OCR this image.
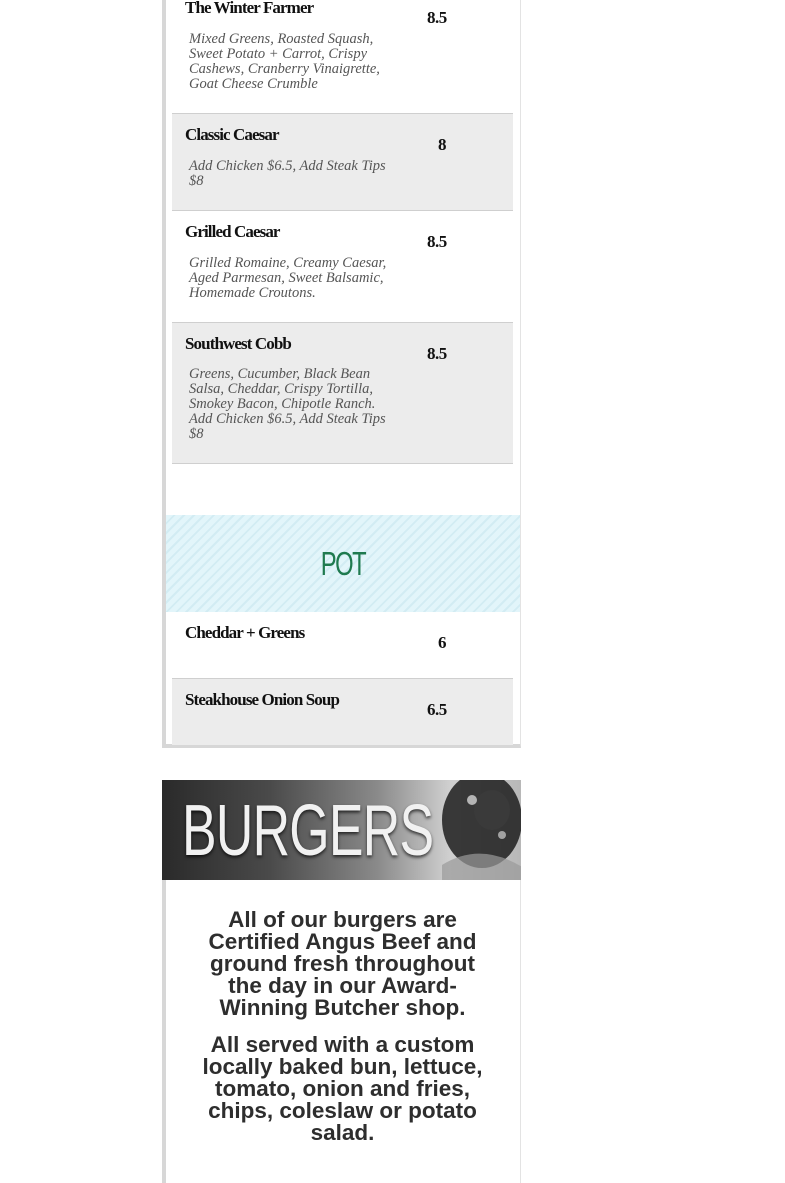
The Winter Farmer
Mixed Greens, Roasted Squash, Sweet Potato + Carrot, Crispy Cashews, Cranberry Vinaigrette, Goat Cheese Crumble
8.5
Classic Caesar
Add Chicken $6.5, Add Steak Tips $8
8
Grilled Caesar
Grilled Romaine, Creamy Caesar, Aged Parmesan, Sweet Balsamic, Homemade Croutons.
8.5
Southwest Cobb
Greens, Cucumber, Black Bean Salsa, Cheddar, Crispy Tortilla, Smokey Bacon, Chipotle Ranch. Add Chicken $6.5, Add Steak Tips $8
8.5
POT
Cheddar + Greens
6
Steakhouse Onion Soup
6.5
BURGERS
All of our burgers are Certified Angus Beef and ground fresh throughout the day in our Award-Winning Butcher shop.
All served with a custom locally baked bun, lettuce, tomato, onion and fries, chips, coleslaw or potato salad.
